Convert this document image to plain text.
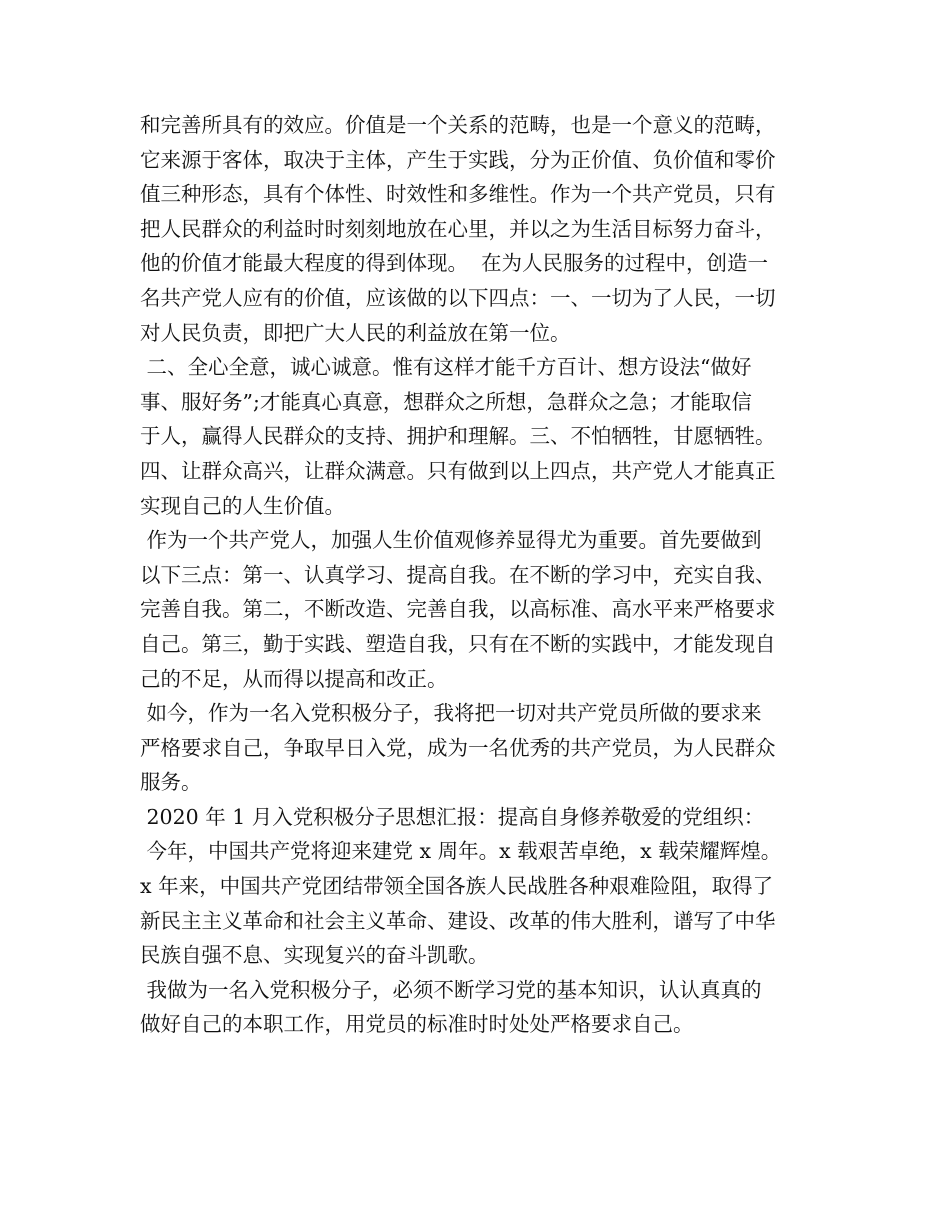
和完善所具有的效应。价值是一个关系的范畴，也是一个意义的范畴，
它来源于客体，取决于主体，产生于实践，分为正价值、负价值和零价
值三种形态，具有个体性、时效性和多维性。作为一个共产党员，只有
把人民群众的利益时时刻刻地放在心里，并以之为生活目标努力奋斗，
他的价值才能最大程度的得到体现。  在为人民服务的过程中，创造一
名共产党人应有的价值，应该做的以下四点：一、一切为了人民，一切
对人民负责，即把广大人民的利益放在第一位。
二、全心全意，诚心诚意。惟有这样才能千方百计、想方设法“做好
事、服好务”;才能真心真意，想群众之所想，急群众之急；才能取信
于人，赢得人民群众的支持、拥护和理解。三、不怕牺牲，甘愿牺牲。
四、让群众高兴，让群众满意。只有做到以上四点，共产党人才能真正
实现自己的人生价值。
作为一个共产党人，加强人生价值观修养显得尤为重要。首先要做到
以下三点：第一、认真学习、提高自我。在不断的学习中，充实自我、
完善自我。第二，不断改造、完善自我，以高标准、高水平来严格要求
自己。第三，勤于实践、塑造自我，只有在不断的实践中，才能发现自
己的不足，从而得以提高和改正。
如今，作为一名入党积极分子，我将把一切对共产党员所做的要求来
严格要求自己，争取早日入党，成为一名优秀的共产党员，为人民群众
服务。
2020 年 1 月入党积极分子思想汇报：提高自身修养敬爱的党组织：
今年，中国共产党将迎来建党 x 周年。x 载艰苦卓绝，x 载荣耀辉煌。
x 年来，中国共产党团结带领全国各族人民战胜各种艰难险阻，取得了
新民主主义革命和社会主义革命、建设、改革的伟大胜利，谱写了中华
民族自强不息、实现复兴的奋斗凯歌。
我做为一名入党积极分子，必须不断学习党的基本知识，认认真真的
做好自己的本职工作，用党员的标准时时处处严格要求自己。
